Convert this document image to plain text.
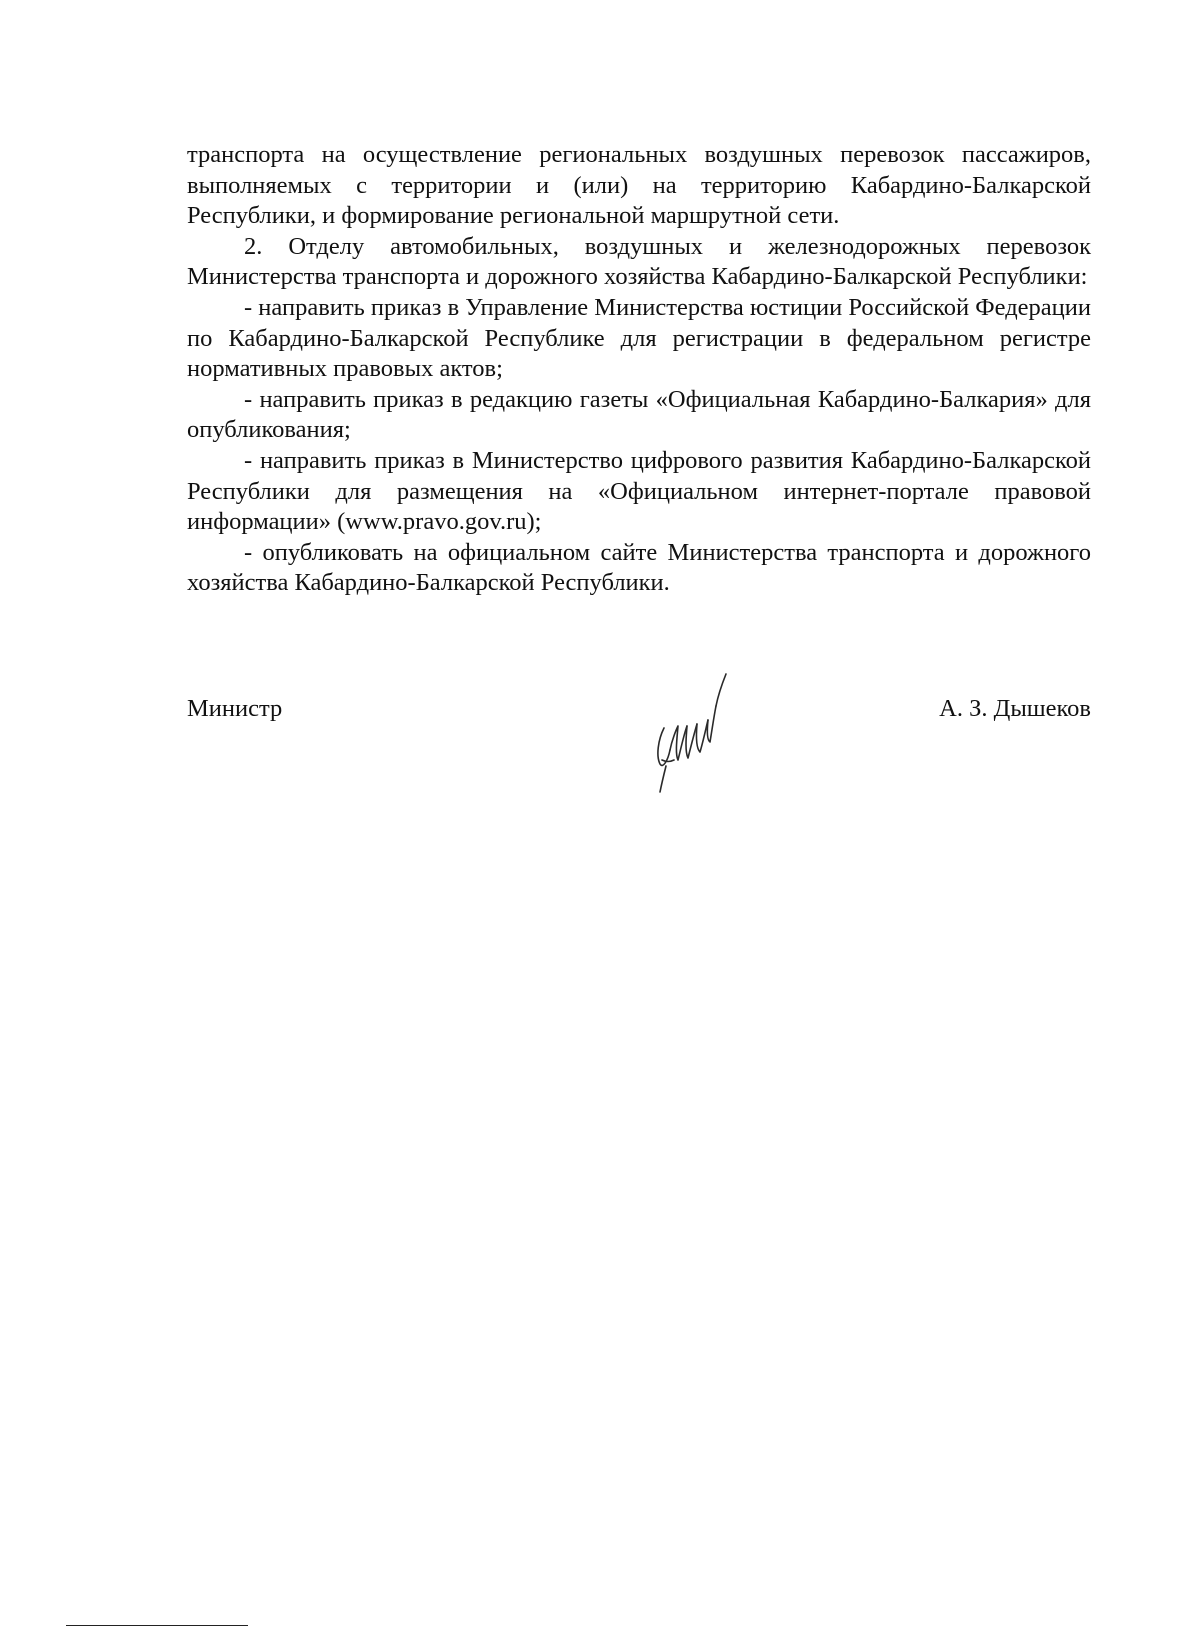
транспорта на осуществление региональных воздушных перевозок пассажиров, выполняемых с территории и (или) на территорию Кабардино-Балкарской Республики, и формирование региональной маршрутной сети.

2. Отделу автомобильных, воздушных и железнодорожных перевозок Министерства транспорта и дорожного хозяйства Кабардино-Балкарской Республики:

- направить приказ в Управление Министерства юстиции Российской Федерации по Кабардино-Балкарской Республике для регистрации в федеральном регистре нормативных правовых актов;

- направить приказ в редакцию газеты «Официальная Кабардино-Балкария» для опубликования;

- направить приказ в Министерство цифрового развития Кабардино-Балкарской Республики для размещения на «Официальном интернет-портале правовой информации» (www.pravo.gov.ru);

- опубликовать на официальном сайте Министерства транспорта и дорожного хозяйства Кабардино-Балкарской Республики.

Министр	А. З. Дышеков
